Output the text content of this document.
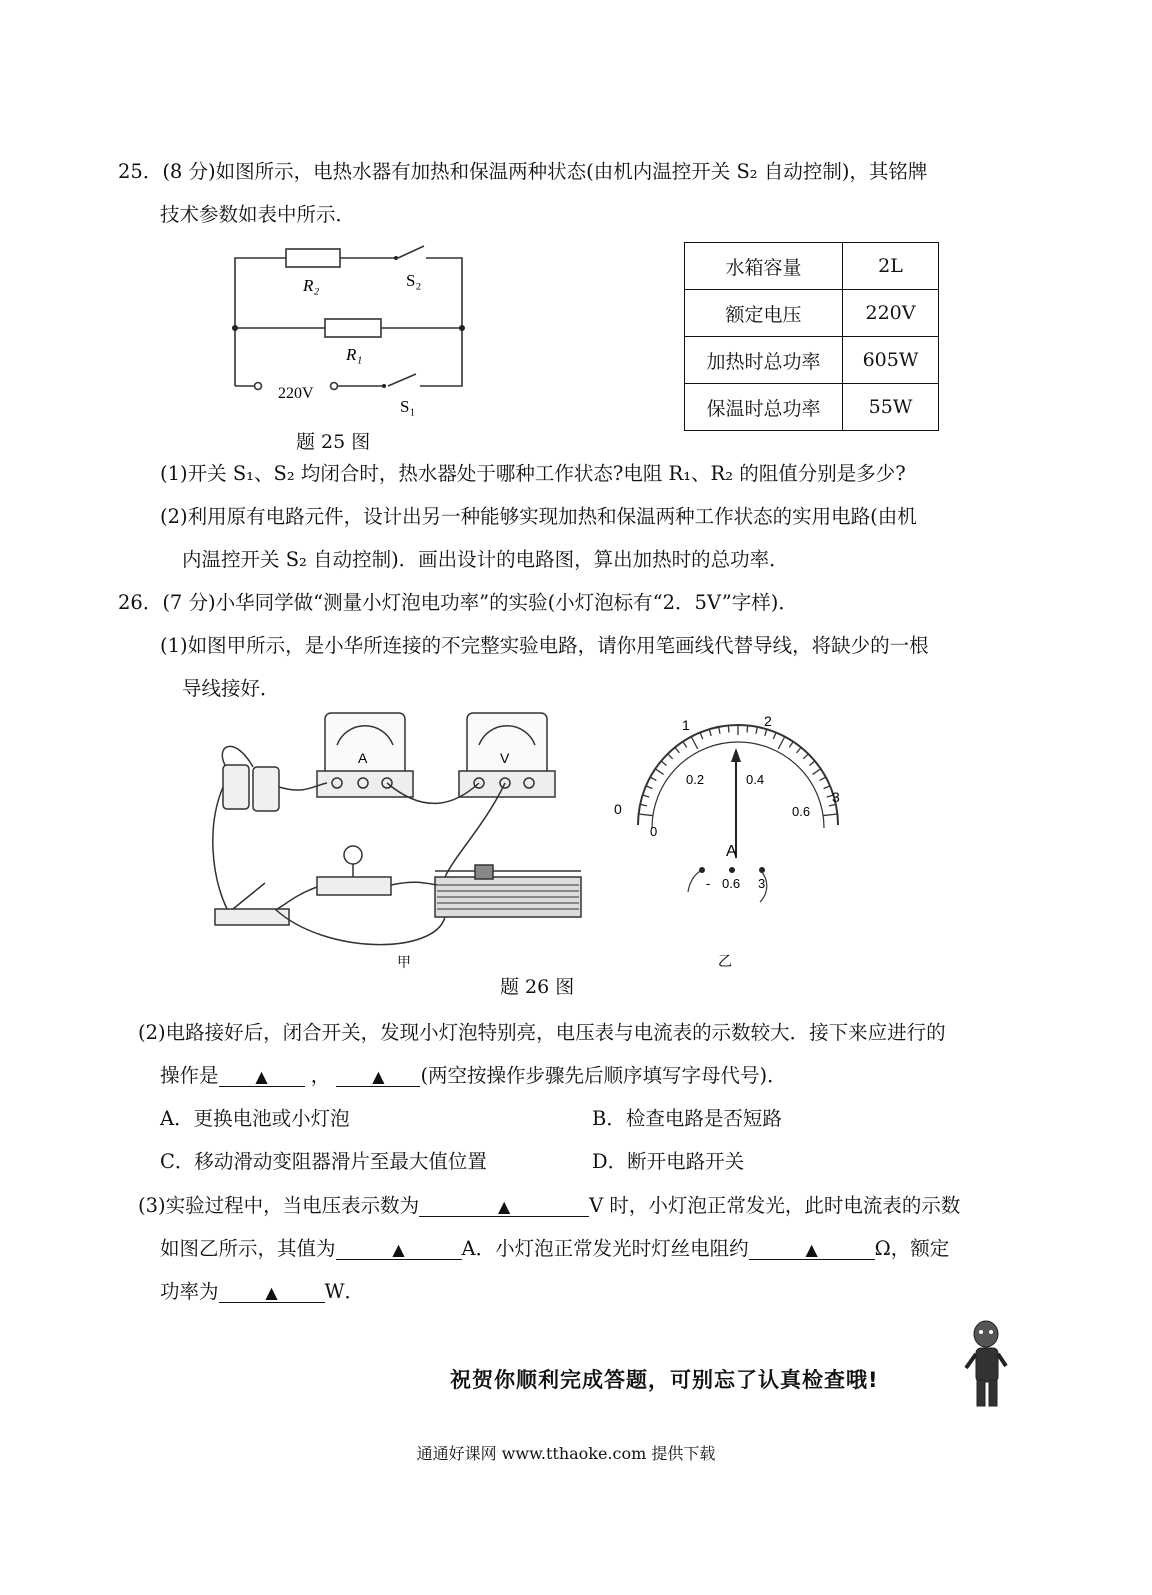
25．(8 分)如图所示，电热水器有加热和保温两种状态(由机内温控开关 S₂ 自动控制)，其铭牌
技术参数如表中所示．
R₂	S₂
R₁
220V
S₁
题 25 图
水箱容量	2L
额定电压	220V
加热时总功率	605W
保温时总功率	55W
(1)开关 S₁、S₂ 均闭合时，热水器处于哪种工作状态?电阻 R₁、R₂ 的阻值分别是多少?
(2)利用原有电路元件，设计出另一种能够实现加热和保温两种工作状态的实用电路(由机
内温控开关 S₂ 自动控制)．画出设计的电路图，算出加热时的总功率．
26．(7 分)小华同学做“测量小灯泡电功率”的实验(小灯泡标有“2．5V”字样)．
(1)如图甲所示，是小华所连接的不完整实验电路，请你用笔画线代替导线，将缺少的一根
导线接好．
A	V
甲
0
1	2
3
0
0.2	0.4
0.6
A
- 0.6 3
乙
题 26 图
(2)电路接好后，闭合开关，发现小灯泡特别亮，电压表与电流表的示数较大．接下来应进行的
操作是 ▲ ，	▲ (两空按操作步骤先后顺序填写字母代号)．
A．更换电池或小灯泡	B．检查电路是否短路
C．移动滑动变阻器滑片至最大值位置	D．断开电路开关
(3)实验过程中，当电压表示数为	▲	V 时，小灯泡正常发光，此时电流表的示数
如图乙所示，其值为	▲	A．小灯泡正常发光时灯丝电阻约	▲	Ω，额定
功率为	▲ W．
祝贺你顺利完成答题，可别忘了认真检查哦!
通通好课网 www.tthaoke.com 提供下载
